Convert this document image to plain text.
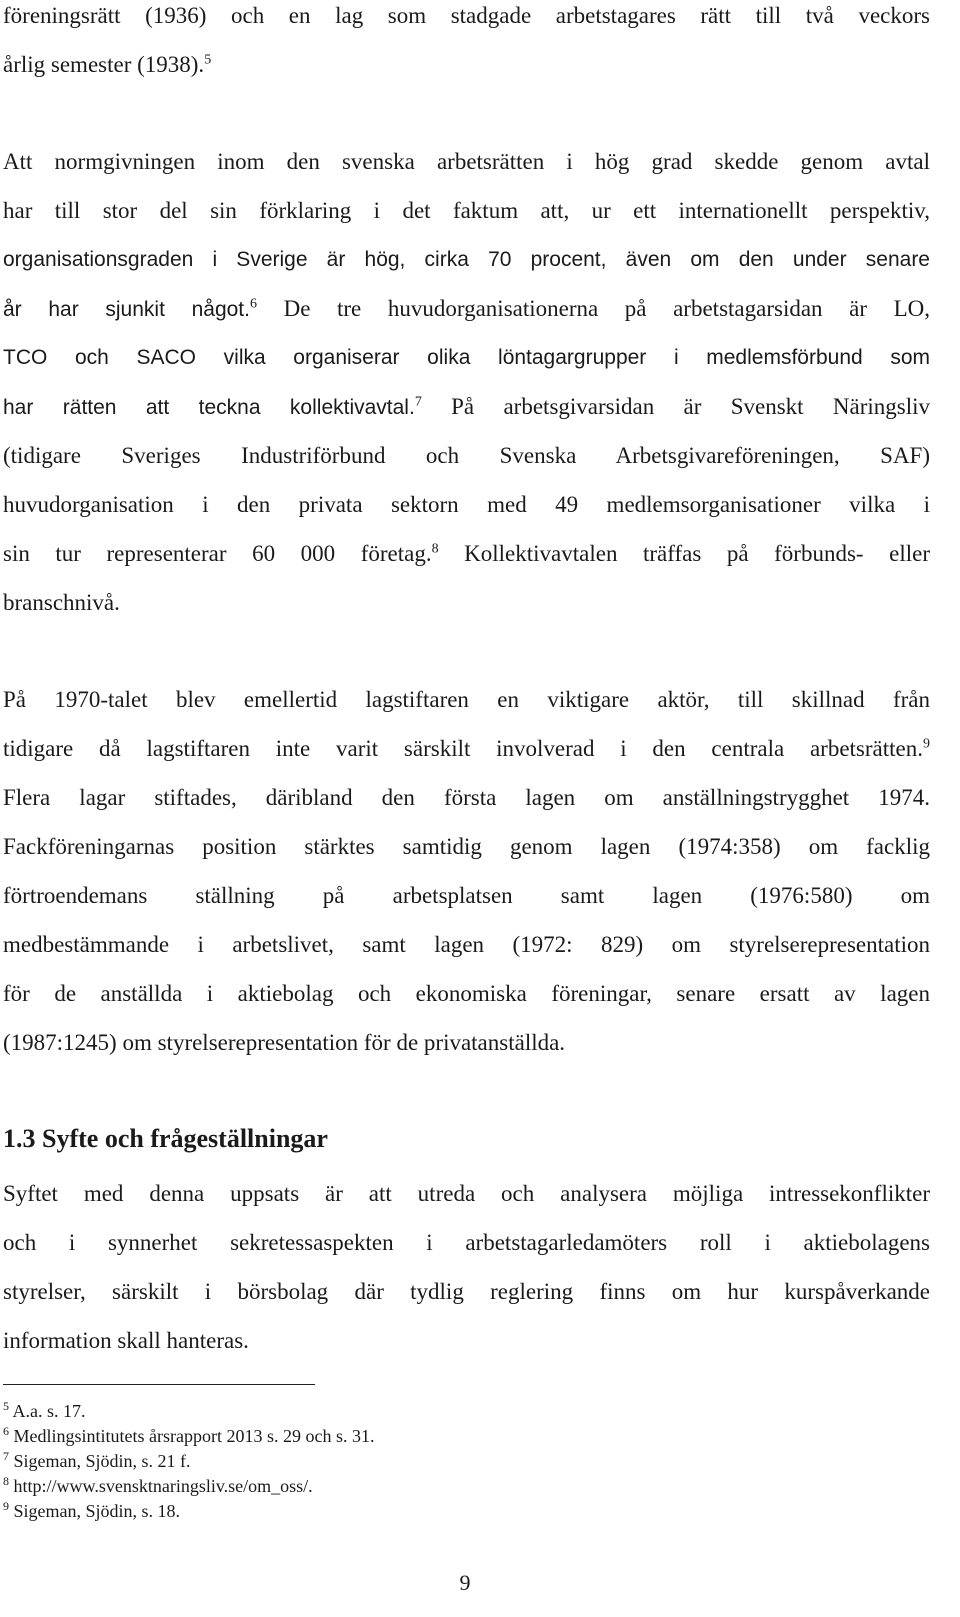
föreningsrätt (1936) och en lag som stadgade arbetstagares rätt till två veckors
årlig semester (1938).$^5$
Att normgivningen inom den svenska arbetsrätten i hög grad skedde genom avtal
har till stor del sin förklaring i det faktum att, ur ett internationellt perspektiv,
organisationsgraden i Sverige är hög, cirka 70 procent, även om den under senare
år har sjunkit något.$^6$ De tre huvudorganisationerna på arbetstagarsidan är LO,
TCO och SACO vilka organiserar olika löntagargrupper i medlemsförbund som
har rätten att teckna kollektivavtal.$^7$ På arbetsgivarsidan är Svenskt Näringsliv
(tidigare Sveriges Industriförbund och Svenska Arbetsgivareföreningen, SAF)
huvudorganisation i den privata sektorn med 49 medlemsorganisationer vilka i
sin tur representerar 60 000 företag.$^8$ Kollektivavtalen träffas på förbunds- eller
branschnivå.
På 1970-talet blev emellertid lagstiftaren en viktigare aktör, till skillnad från
tidigare då lagstiftaren inte varit särskilt involverad i den centrala arbetsrätten.$^9$
Flera lagar stiftades, däribland den första lagen om anställningstrygghet 1974.
Fackföreningarnas position stärktes samtidig genom lagen (1974:358) om facklig
förtroendemans ställning på arbetsplatsen samt lagen (1976:580) om
medbestämmande i arbetslivet, samt lagen (1972: 829) om styrelserepresentation
för de anställda i aktiebolag och ekonomiska föreningar, senare ersatt av lagen
(1987:1245) om styrelserepresentation för de privatanställda.
1.3 Syfte och frågeställningar
Syftet med denna uppsats är att utreda och analysera möjliga intressekonflikter
och i synnerhet sekretessaspekten i arbetstagarledamöters roll i aktiebolagens
styrelser, särskilt i börsbolag där tydlig reglering finns om hur kurspåverkande
information skall hanteras.
$^5$ A.a. s. 17.
$^6$ Medlingsintitutets årsrapport 2013 s. 29 och s. 31.
$^7$ Sigeman, Sjödin, s. 21 f.
$^8$ http://www.svensktnaringsliv.se/om_oss/.
$^9$ Sigeman, Sjödin, s. 18.
9
